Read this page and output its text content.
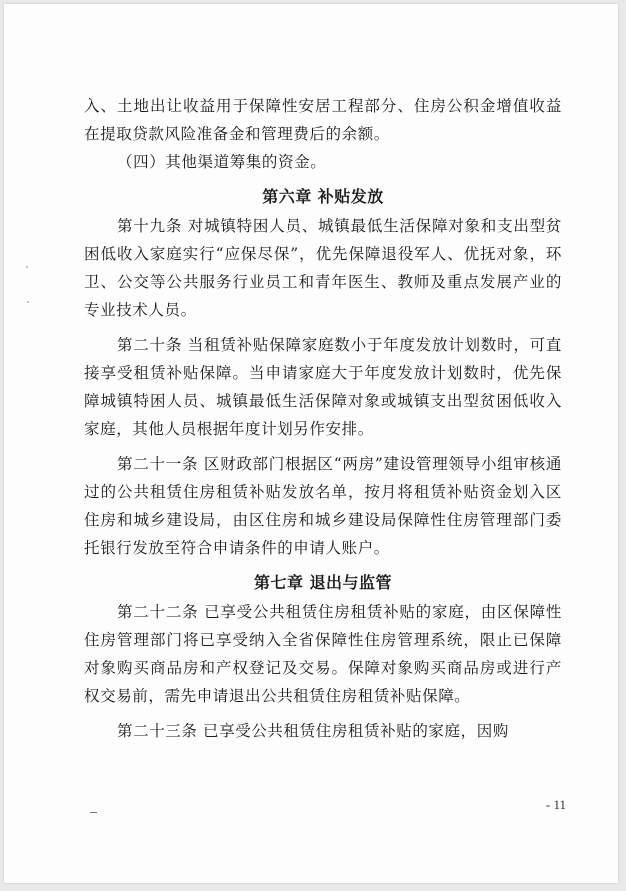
入、土地出让收益用于保障性安居工程部分、住房公积金增值收益在提取贷款风险准备金和管理费后的余额。

（四）其他渠道筹集的资金。

第六章 补贴发放

第十九条 对城镇特困人员、城镇最低生活保障对象和支出型贫困低收入家庭实行“应保尽保”，优先保障退役军人、优抚对象，环卫、公交等公共服务行业员工和青年医生、教师及重点发展产业的专业技术人员。

第二十条 当租赁补贴保障家庭数小于年度发放计划数时，可直接享受租赁补贴保障。当申请家庭大于年度发放计划数时，优先保障城镇特困人员、城镇最低生活保障对象或城镇支出型贫困低收入家庭，其他人员根据年度计划另作安排。

第二十一条 区财政部门根据区“两房”建设管理领导小组审核通过的公共租赁住房租赁补贴发放名单，按月将租赁补贴资金划入区住房和城乡建设局，由区住房和城乡建设局保障性住房管理部门委托银行发放至符合申请条件的申请人账户。

第七章 退出与监管

第二十二条 已享受公共租赁住房租赁补贴的家庭，由区保障性住房管理部门将已享受纳入全省保障性住房管理系统，限止已保障对象购买商品房和产权登记及交易。保障对象购买商品房或进行产权交易前，需先申请退出公共租赁住房租赁补贴保障。

第二十三条 已享受公共租赁住房租赁补贴的家庭，因购

- 11
